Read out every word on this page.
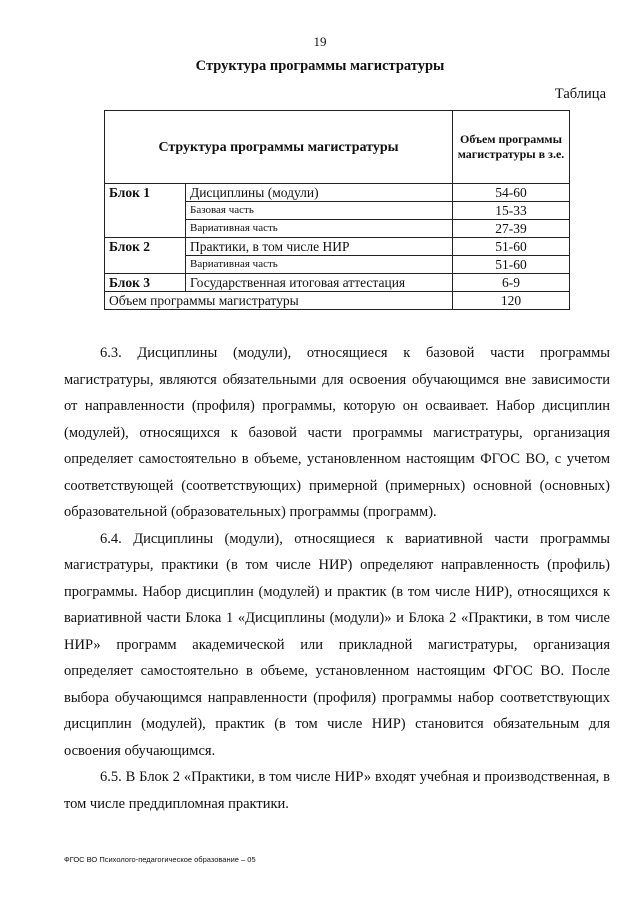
19
Структура программы магистратуры
Таблица
Структура программы магистратуры		Объем программы магистратуры в з.е.
Блок 1	Дисциплины (модули)	54-60
	Базовая часть	15-33
	Вариативная часть	27-39
Блок 2	Практики, в том числе НИР	51-60
	Вариативная часть	51-60
Блок 3	Государственная итоговая аттестация	6-9
Объем программы магистратуры		120

6.3. Дисциплины (модули), относящиеся к базовой части программы магистратуры, являются обязательными для освоения обучающимся вне зависимости от направленности (профиля) программы, которую он осваивает. Набор дисциплин (модулей), относящихся к базовой части программы магистратуры, организация определяет самостоятельно в объеме, установленном настоящим ФГОС ВО, с учетом соответствующей (соответствующих) примерной (примерных) основной (основных) образовательной (образовательных) программы (программ).

6.4. Дисциплины (модули), относящиеся к вариативной части программы магистратуры, практики (в том числе НИР) определяют направленность (профиль) программы. Набор дисциплин (модулей) и практик (в том числе НИР), относящихся к вариативной части Блока 1 «Дисциплины (модули)» и Блока 2 «Практики, в том числе НИР» программ академической или прикладной магистратуры, организация определяет самостоятельно в объеме, установленном настоящим ФГОС ВО. После выбора обучающимся направленности (профиля) программы набор соответствующих дисциплин (модулей), практик (в том числе НИР) становится обязательным для освоения обучающимся.

6.5. В Блок 2 «Практики, в том числе НИР» входят учебная и производственная, в том числе преддипломная практики.

ФГОС ВО Психолого-педагогическое образование – 05
